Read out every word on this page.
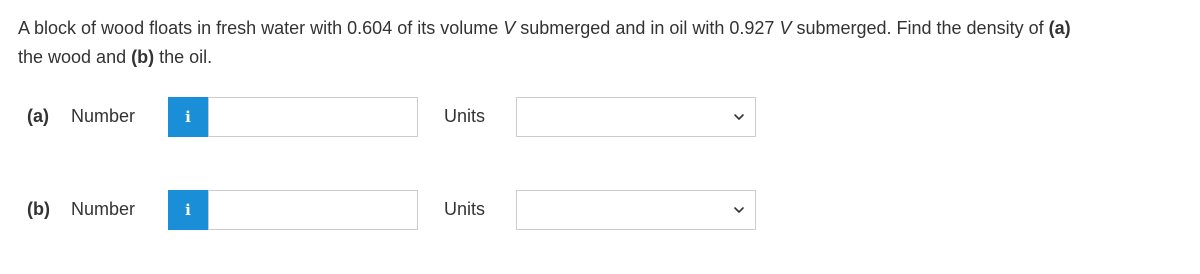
A block of wood floats in fresh water with 0.604 of its volume V submerged and in oil with 0.927 V submerged. Find the density of (a)
the wood and (b) the oil.
(a) Number	i	Units
(b) Number	i	Units
